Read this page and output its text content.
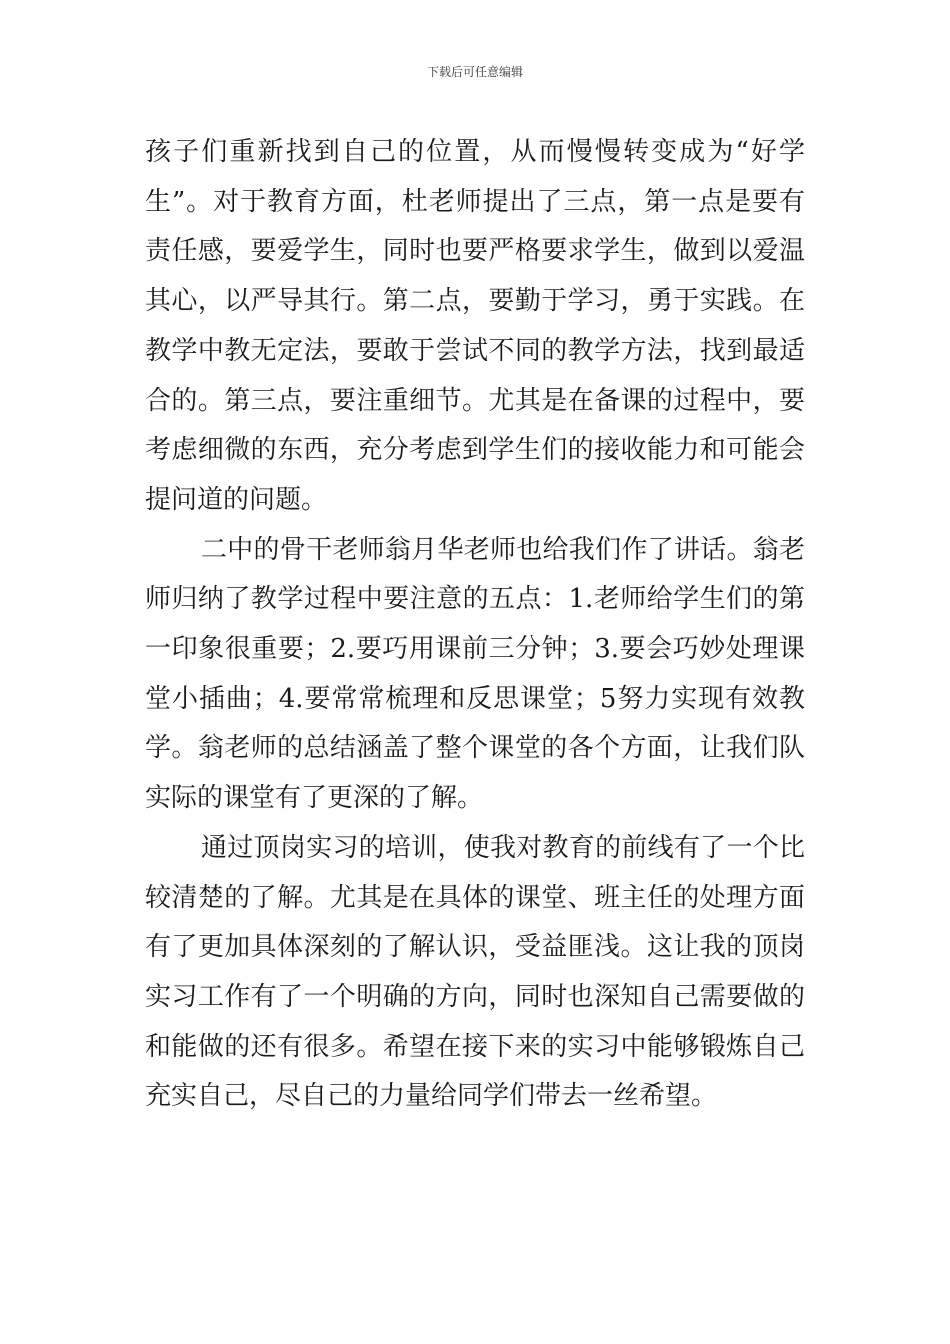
下载后可任意编辑

孩子们重新找到自己的位置，从而慢慢转变成为“好学生”。对于教育方面，杜老师提出了三点，第一点是要有责任感，要爱学生，同时也要严格要求学生，做到以爱温其心，以严导其行。第二点，要勤于学习，勇于实践。在教学中教无定法，要敢于尝试不同的教学方法，找到最适合的。第三点，要注重细节。尤其是在备课的过程中，要考虑细微的东西，充分考虑到学生们的接收能力和可能会提问道的问题。

二中的骨干老师翁月华老师也给我们作了讲话。翁老师归纳了教学过程中要注意的五点：1.老师给学生们的第一印象很重要；2.要巧用课前三分钟；3.要会巧妙处理课堂小插曲；4.要常常梳理和反思课堂；5努力实现有效教学。翁老师的总结涵盖了整个课堂的各个方面，让我们队实际的课堂有了更深的了解。

通过顶岗实习的培训，使我对教育的前线有了一个比较清楚的了解。尤其是在具体的课堂、班主任的处理方面有了更加具体深刻的了解认识，受益匪浅。这让我的顶岗实习工作有了一个明确的方向，同时也深知自己需要做的和能做的还有很多。希望在接下来的实习中能够锻炼自己充实自己，尽自己的力量给同学们带去一丝希望。
